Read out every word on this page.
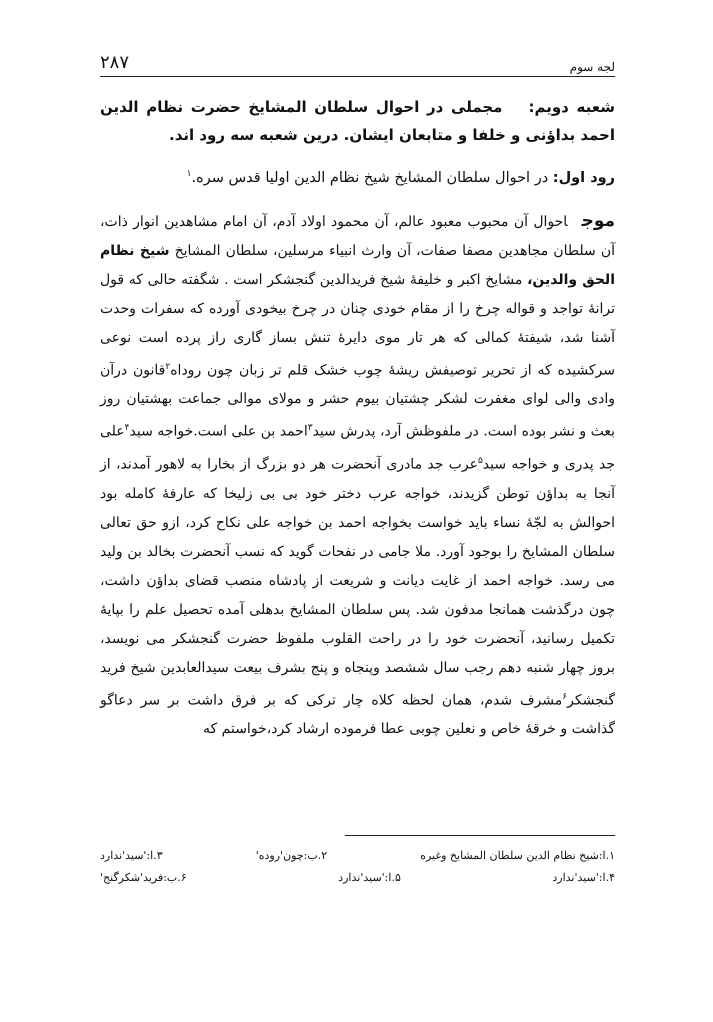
لجه سوم
۲۸۷
شعبه دویم:مجملی در احوال سلطان المشایخ حضرت نظام الدین احمد بداؤنی و خلفا و متابعان ایشان. درین شعبه سه رود اند.
رود اول: در احوال سلطان المشایخ شیخ نظام الدین اولیا قدس سره.$^۱$
موجاحوال آن محبوب معبود عالم، آن محمود اولاد آدم، آن امام مشاهدین انوار ذات، آن سلطان مجاهدین مصفا صفات، آن وارث انبیاء مرسلین، سلطان المشایخ شیخ نظام الحق والدین، مشایخ اکبر و خلیفۀ شیخ فریدالدین گنجشکر است . شگفته حالی که قول ترانۀ تواجد و قواله چرخ را از مقام خودی چنان در چرخ بیخودی آورده که سفرات وحدت آشنا شد، شیفتۀ کمالی که هر تار موی دایرۀ تنش بساز گاری راز پرده است نوعی سرکشیده که از تحریر توصیفش ریشۀ چوب خشک قلم تر زبان چون روداه$^۲$قانون درآن وادی والی لوای مغفرت لشکر چشتیان بیوم حشر و مولای موالی جماعت بهشتیان روز بعث و نشر بوده است. در ملفوظش آرد، پدرش سید$^۳$احمد بن علی است.خواجه سید$^۴$علی جد پدری و خواجه سید$^۵$عرب جد مادری آنحضرت هر دو بزرگ از بخارا به لاهور آمدند، از آنجا به بداؤن توطن گزیدند، خواجه عرب دختر خود بی بی زلیخا که عارفۀ کامله بود احوالش به لجّۀ نساء باید خواست بخواجه احمد بن خواجه علی نکاح کرد، ازو حق تعالی سلطان المشایخ را بوجود آورد. ملا جامی در نفحات گوید که نسب آنحضرت بخالد بن ولید می رسد. خواجه احمد از غایت دیانت و شریعت از پادشاه منصب قضای بداؤن داشت، چون درگذشت همانجا مدفون شد. پس سلطان المشایخ بدهلی آمده تحصیل علم را بپایۀ تکمیل رسانید، آنحضرت خود را در راحت القلوب ملفوظ حضرت گنجشکر می نویسد، بروز چهار شنبه دهم رجب سال ششصد وپنجاه و پنج بشرف بیعت سیدالعابدین شیخ فرید گنجشکر$^۶$مشرف شدم، همان لحظه کلاه چار ترکی که بر فرق داشت بر سر دعاگو گذاشت و خرقۀ خاص و نعلین چوبی عطا فرموده ارشاد کرد،خواستم که
۱.ا:شیخ نظام الدین سلطان المشایخ وغیره
۲.ب:چون'روده'
۳.ا:'سید'ندارد
۴.ا:'سید'ندارد
۵.ا:'سید'ندارد
۶.ب:فرید'شکرگنج'
